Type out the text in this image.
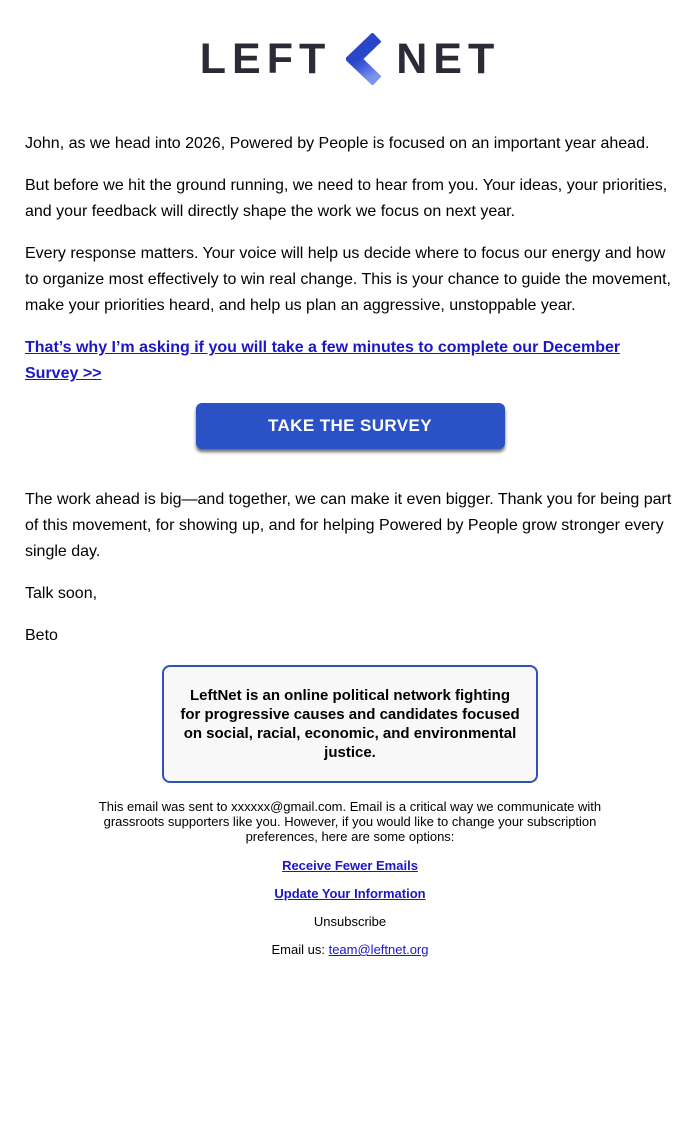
LEFT NET

John, as we head into 2026, Powered by People is focused on an important year ahead.

But before we hit the ground running, we need to hear from you. Your ideas, your priorities, and your feedback will directly shape the work we focus on next year.

Every response matters. Your voice will help us decide where to focus our energy and how to organize most effectively to win real change. This is your chance to guide the movement, make your priorities heard, and help us plan an aggressive, unstoppable year.

That’s why I’m asking if you will take a few minutes to complete our December Survey >>

TAKE THE SURVEY

The work ahead is big—and together, we can make it even bigger. Thank you for being part of this movement, for showing up, and for helping Powered by People grow stronger every single day.

Talk soon,

Beto

LeftNet is an online political network fighting for progressive causes and candidates focused on social, racial, economic, and environmental justice.

This email was sent to xxxxxx@gmail.com. Email is a critical way we communicate with grassroots supporters like you. However, if you would like to change your subscription preferences, here are some options:

Receive Fewer Emails
Update Your Information
Unsubscribe
Email us: team@leftnet.org
